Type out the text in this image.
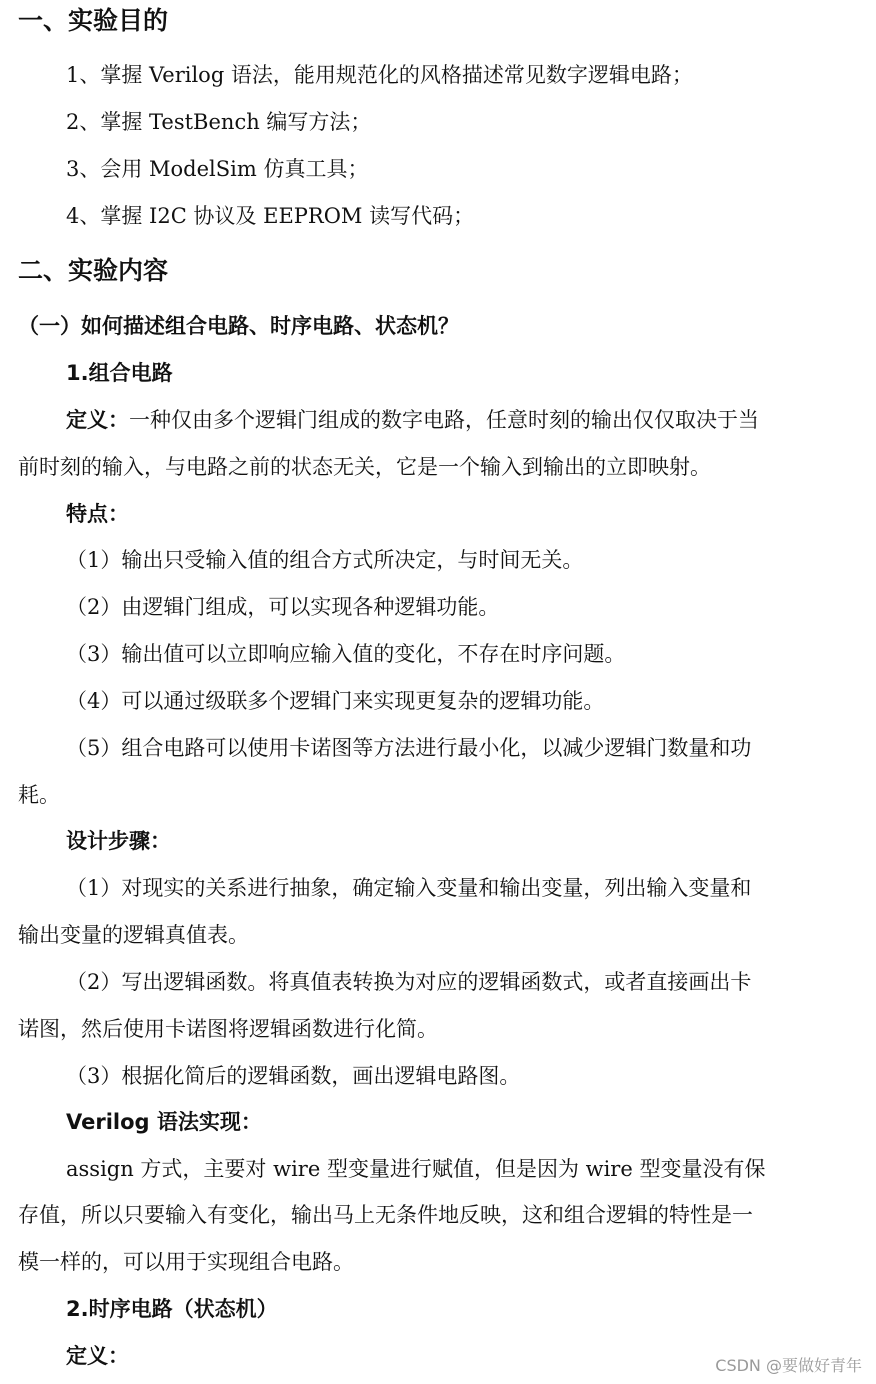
一、实验目的
1、掌握 Verilog 语法，能用规范化的风格描述常见数字逻辑电路；
2、掌握 TestBench 编写方法；
3、会用 ModelSim 仿真工具；
4、掌握 I2C 协议及 EEPROM 读写代码；
二、实验内容
（一）如何描述组合电路、时序电路、状态机？
1.组合电路
定义：一种仅由多个逻辑门组成的数字电路，任意时刻的输出仅仅取决于当
前时刻的输入，与电路之前的状态无关，它是一个输入到输出的立即映射。
特点：
（1）输出只受输入值的组合方式所决定，与时间无关。
（2）由逻辑门组成，可以实现各种逻辑功能。
（3）输出值可以立即响应输入值的变化，不存在时序问题。
（4）可以通过级联多个逻辑门来实现更复杂的逻辑功能。
（5）组合电路可以使用卡诺图等方法进行最小化，以减少逻辑门数量和功
耗。
设计步骤：
（1）对现实的关系进行抽象，确定输入变量和输出变量，列出输入变量和
输出变量的逻辑真值表。
（2）写出逻辑函数。将真值表转换为对应的逻辑函数式，或者直接画出卡
诺图，然后使用卡诺图将逻辑函数进行化简。
（3）根据化简后的逻辑函数，画出逻辑电路图。
Verilog 语法实现：
assign 方式，主要对 wire 型变量进行赋值，但是因为 wire 型变量没有保
存值，所以只要输入有变化，输出马上无条件地反映，这和组合逻辑的特性是一
模一样的，可以用于实现组合电路。
2.时序电路（状态机）
定义：	CSDN @要做好青年
